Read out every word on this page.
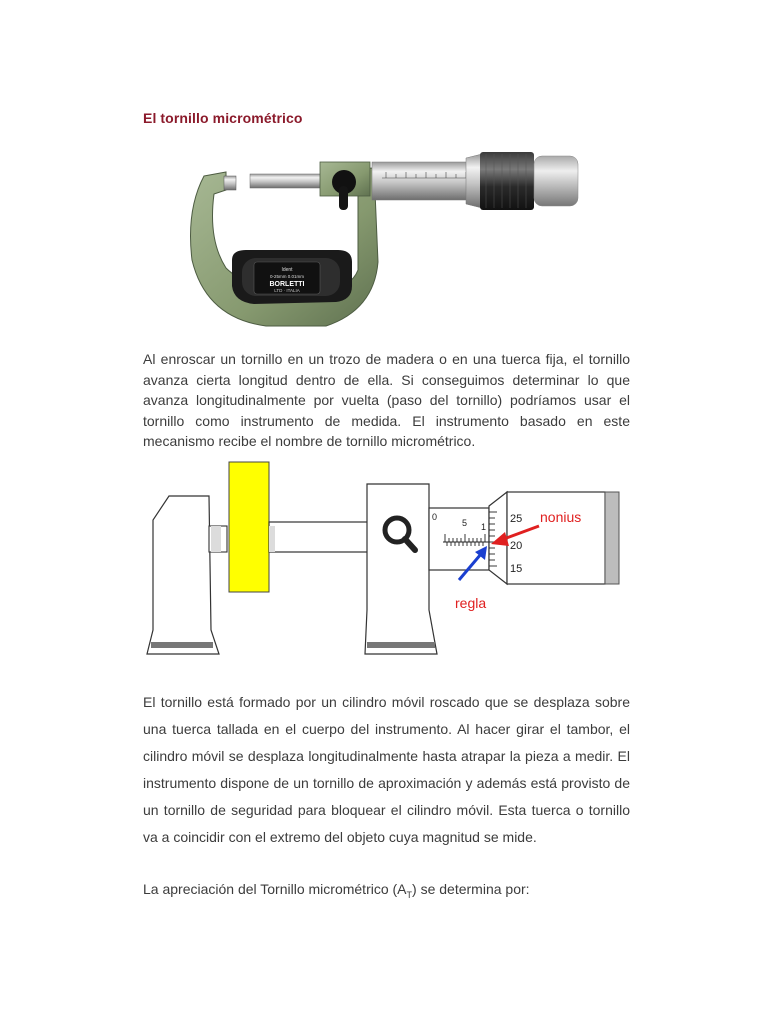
El tornillo micrométrico
Ident
0-25mm 0.01mm
BORLETTI
LTD · ITALIA

Al enroscar un tornillo en un trozo de madera o en una tuerca fija, el tornillo avanza cierta longitud dentro de ella. Si conseguimos determinar lo que avanza longitudinalmente por vuelta (paso del tornillo) podríamos usar el tornillo como instrumento de medida. El instrumento basado en este mecanismo recibe el nombre de tornillo micrométrico.

0
5 1
25
20
15
nonius
regla

El tornillo está formado por un cilindro móvil roscado que se desplaza sobre una tuerca tallada en el cuerpo del instrumento. Al hacer girar el tambor, el cilindro móvil se desplaza longitudinalmente hasta atrapar la pieza a medir. El instrumento dispone de un tornillo de aproximación y además está provisto de un tornillo de seguridad para bloquear el cilindro móvil. Esta tuerca o tornillo va a coincidir con el extremo del objeto cuya magnitud se mide.

La apreciación del Tornillo micrométrico $(A_T)$ se determina por:
